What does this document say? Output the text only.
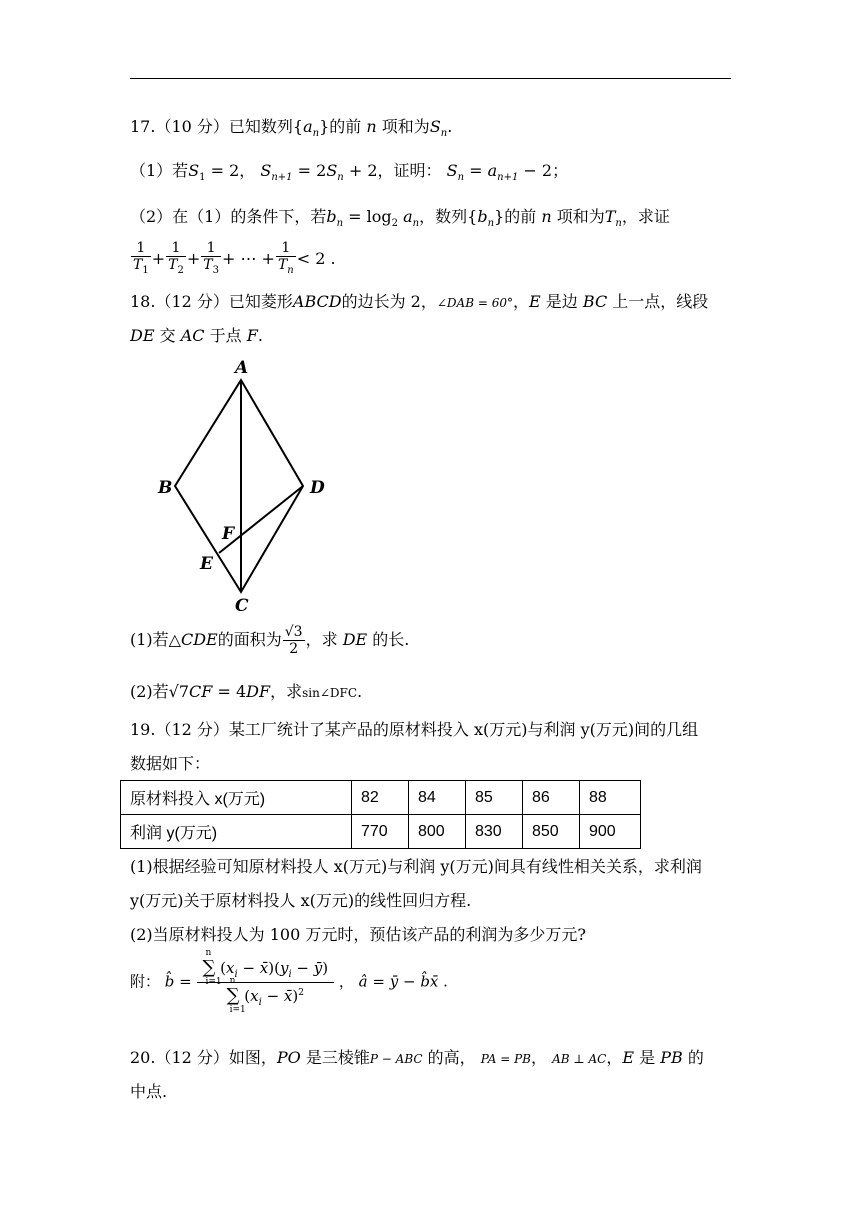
17.（10 分）已知数列$\{a_n\}$的前 n 项和为$S_n$.
（1）若$S_1 = 2$， $S_{n+1} = 2S_n + 2$，证明： $S_n = a_{n+1} - 2$；
（2）在（1）的条件下，若$b_n = \log_2 a_n$，数列$\{b_n\}$的前 n 项和为$T_n$，求证
$\frac{1}{T_1} + \frac{1}{T_2} + \frac{1}{T_3}$ + ⋯ + $\frac{1}{T_n} < 2$ .
18.（12 分）已知菱形ABCD的边长为 2，∠DAB = 60°，E 是边 BC 上一点，线段
DE 交 AC 于点 F.
A
B
C
D
E
F
(1)若△CDE的面积为 $\frac{√3}{2}$ ，求 DE 的长.
(2)若√7CF = 4DF，求sin∠DFC.
19.（12 分）某工厂统计了某产品的原材料投入 x(万元)与利润 y(万元)间的几组
数据如下：
原材料投入 x(万元)	82	84	85	86	88
利润 y(万元)	770	800	830	850	900
(1)根据经验可知原材料投人 x(万元)与利润 y(万元)间具有线性相关关系，求利润
y(万元)关于原材料投人 x(万元)的线性回归方程.
(2)当原材料投人为 100 万元时，预估该产品的利润为多少万元?
附： b̂ = ∑
n
i=1
($x_i$ − $x̄)(y_i$ − ȳ)
∑
n
i=1
($x_i$ − x̄)$^2$ ， â = ȳ − b̂x̄ .
20.（12 分）如图，PO 是三棱锥P − ABC 的高， PA = PB， AB ⊥ AC，E 是 PB 的
中点.
